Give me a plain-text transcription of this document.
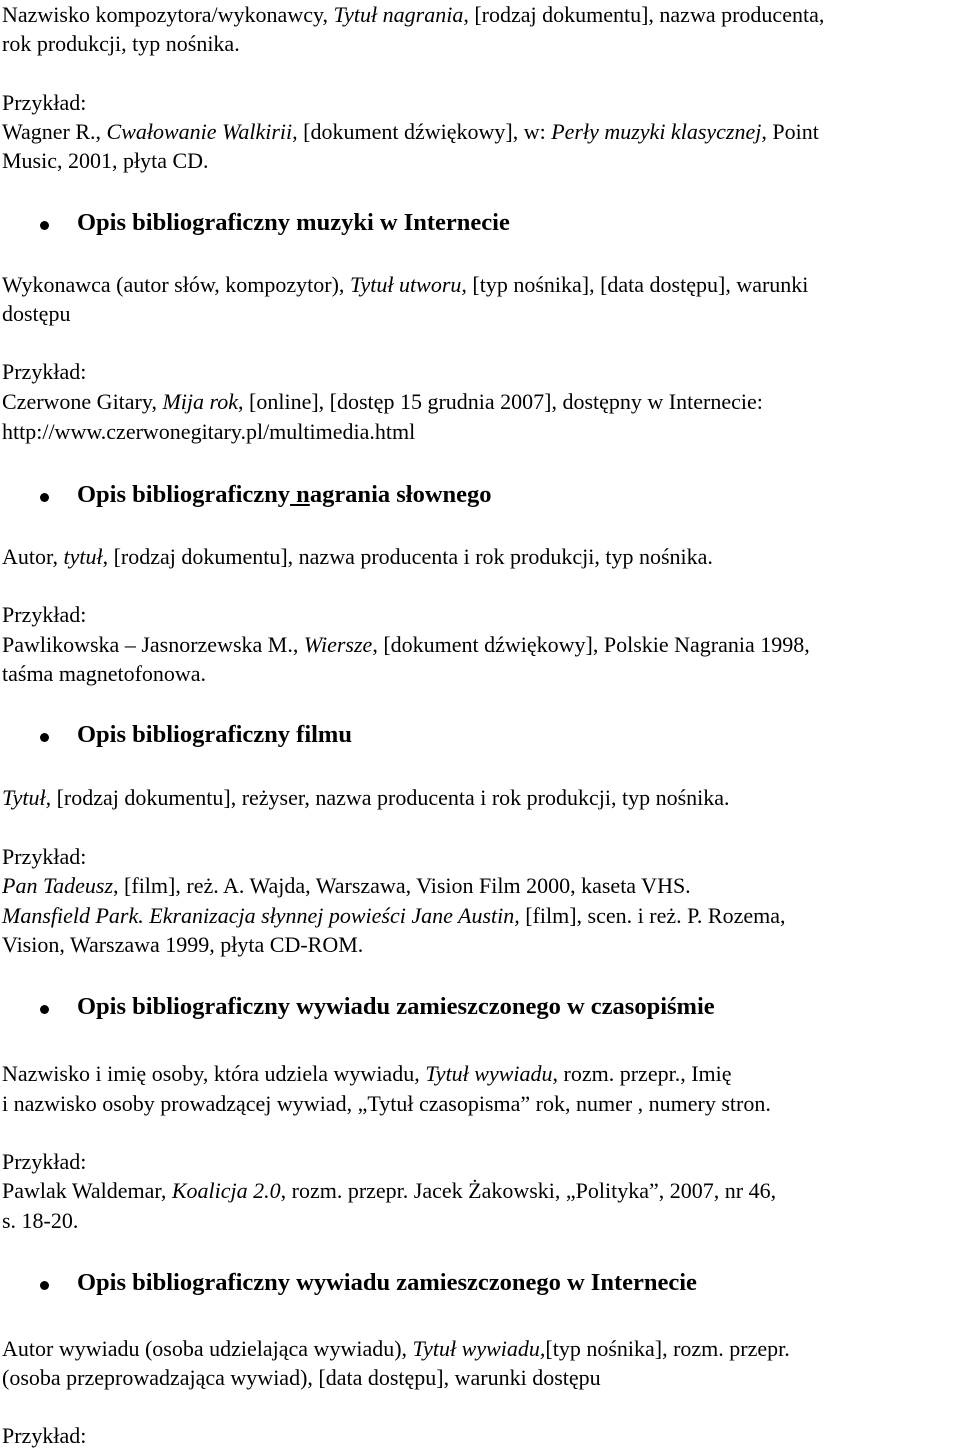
Nazwisko kompozytora/wykonawcy, Tytuł nagrania, [rodzaj dokumentu], nazwa producenta,
rok produkcji, typ nośnika.
Przykład:
Wagner R., Cwałowanie Walkirii, [dokument dźwiękowy], w: Perły muzyki klasycznej, Point
Music, 2001, płyta CD.
Opis bibliograficzny muzyki w Internecie
Wykonawca (autor słów, kompozytor), Tytuł utworu, [typ nośnika], [data dostępu], warunki
dostępu
Przykład:
Czerwone Gitary, Mija rok, [online], [dostęp 15 grudnia 2007], dostępny w Internecie:
http://www.czerwonegitary.pl/multimedia.html
Opis bibliograficzny nagrania słownego
Autor, tytuł, [rodzaj dokumentu], nazwa producenta i rok produkcji, typ nośnika.
Przykład:
Pawlikowska – Jasnorzewska M., Wiersze, [dokument dźwiękowy], Polskie Nagrania 1998,
taśma magnetofonowa.
Opis bibliograficzny filmu
Tytuł, [rodzaj dokumentu], reżyser, nazwa producenta i rok produkcji, typ nośnika.
Przykład:
Pan Tadeusz, [film], reż. A. Wajda, Warszawa, Vision Film 2000, kaseta VHS.
Mansfield Park. Ekranizacja słynnej powieści Jane Austin, [film], scen. i reż. P. Rozema,
Vision, Warszawa 1999, płyta CD-ROM.
Opis bibliograficzny wywiadu zamieszczonego w czasopiśmie
Nazwisko i imię osoby, która udziela wywiadu, Tytuł wywiadu, rozm. przepr., Imię
i nazwisko osoby prowadzącej wywiad, „Tytuł czasopisma” rok, numer , numery stron.
Przykład:
Pawlak Waldemar, Koalicja 2.0, rozm. przepr. Jacek Żakowski, „Polityka”, 2007, nr 46,
s. 18-20.
Opis bibliograficzny wywiadu zamieszczonego w Internecie
Autor wywiadu (osoba udzielająca wywiadu), Tytuł wywiadu,[typ nośnika], rozm. przepr.
(osoba przeprowadzająca wywiad), [data dostępu], warunki dostępu
Przykład:
